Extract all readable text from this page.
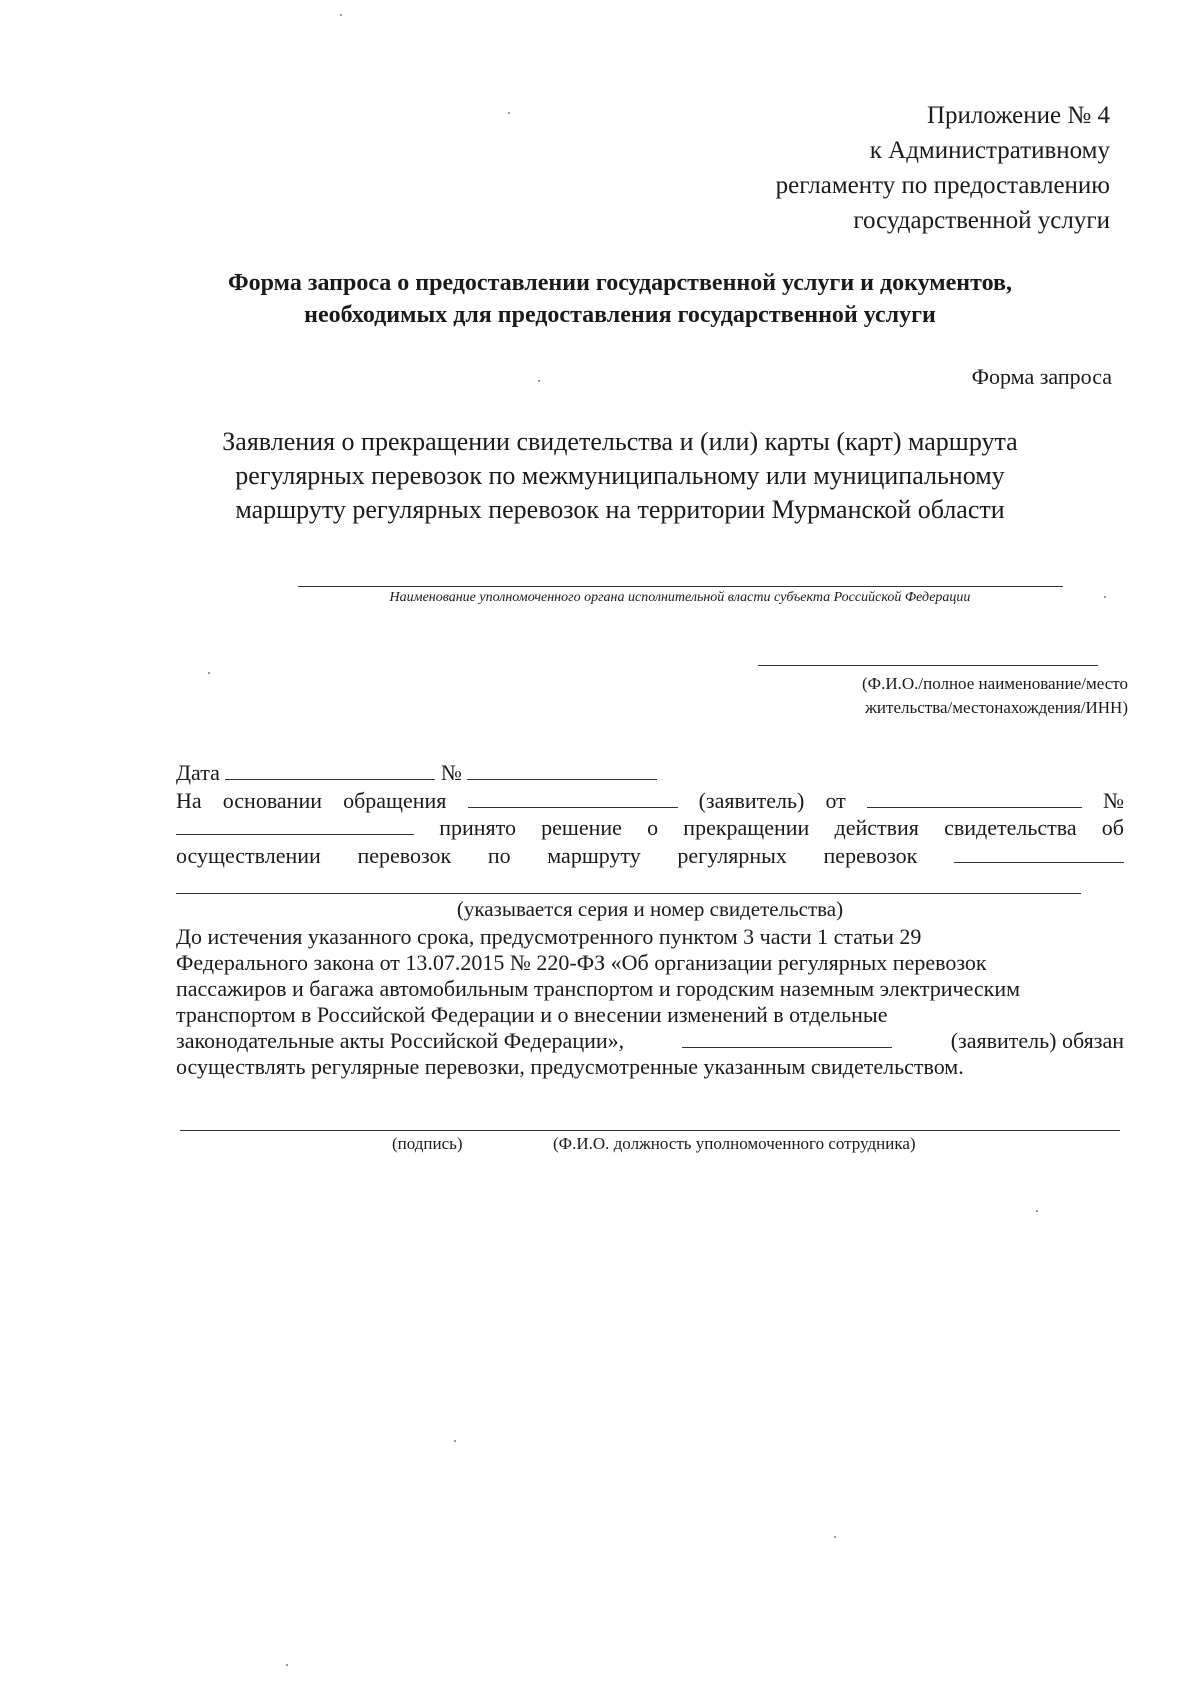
Приложение № 4
к Административному
регламенту по предоставлению
государственной услуги
Форма запроса о предоставлении государственной услуги и документов,
необходимых для предоставления государственной услуги
Форма запроса
Заявления о прекращении свидетельства и (или) карты (карт) маршрута
регулярных перевозок по межмуниципальному или муниципальному
маршруту регулярных перевозок на территории Мурманской области
Наименование уполномоченного органа исполнительной власти субъекта Российской Федерации
(Ф.И.О./полное наименование/место
жительства/местонахождения/ИНН)
Дата	№
На основании обращения	(заявитель) от	№
принято решение о прекращении действия свидетельства об
осуществлении перевозок по маршруту регулярных перевозок
(указывается серия и номер свидетельства)

До истечения указанного срока, предусмотренного пунктом 3 части 1 статьи 29

Федерального закона от 13.07.2015 № 220-ФЗ «Об организации регулярных перевозок

пассажиров и багажа автомобильным транспортом и городским наземным электрическим

транспортом в Российской Федерации и о внесении изменений в отдельные

законодательные акты Российской Федерации»,	(заявитель) обязан

осуществлять регулярные перевозки, предусмотренные указанным свидетельством.

(подпись)	(Ф.И.О. должность уполномоченного сотрудника)
